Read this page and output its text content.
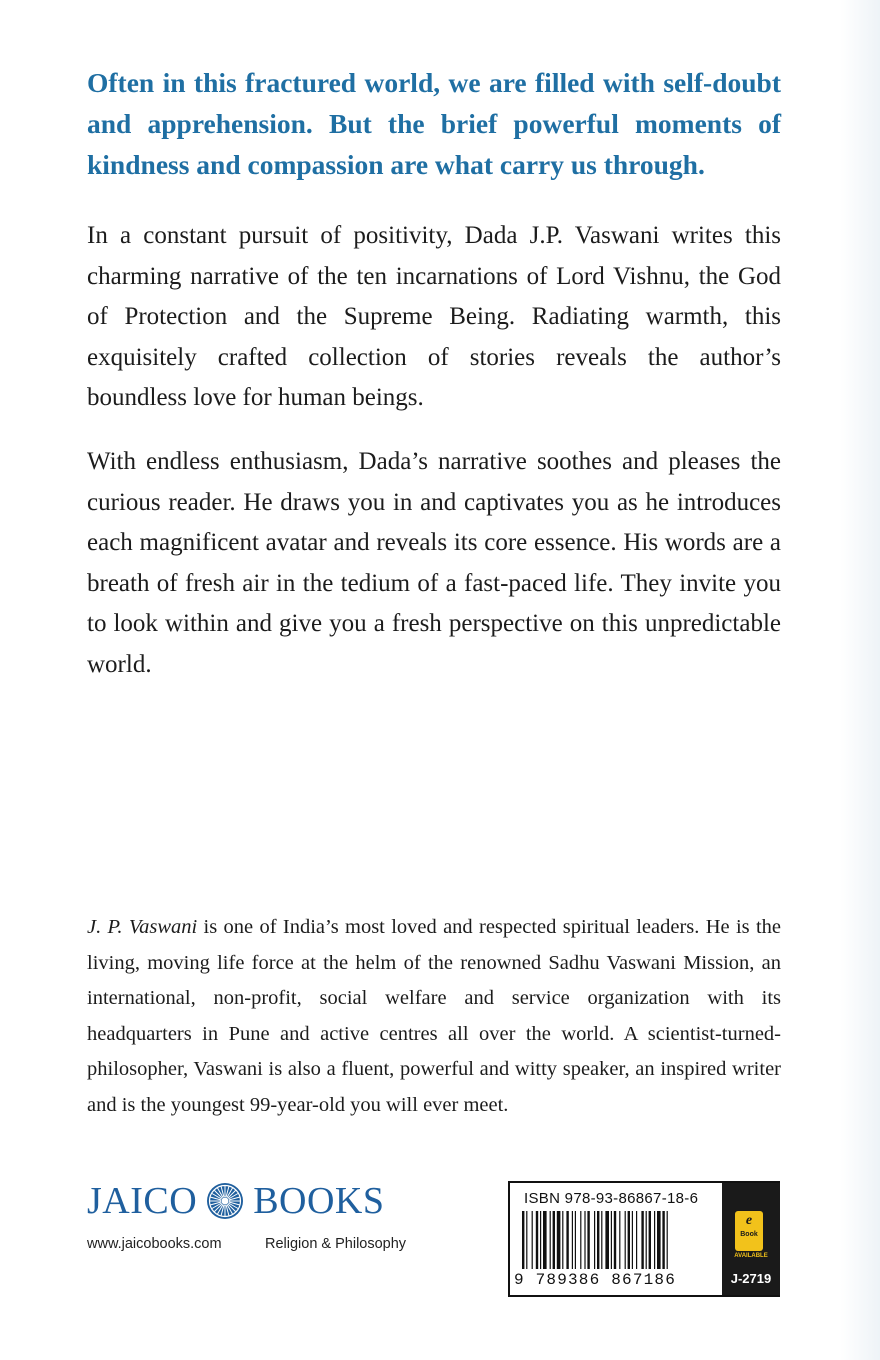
Often in this fractured world, we are filled with self-doubt and apprehension. But the brief powerful moments of kindness and compassion are what carry us through.

In a constant pursuit of positivity, Dada J.P. Vaswani writes this charming narrative of the ten incarnations of Lord Vishnu, the God of Protection and the Supreme Being. Radiating warmth, this exquisitely crafted collection of stories reveals the author’s boundless love for human beings.

With endless enthusiasm, Dada’s narrative soothes and pleases the curious reader. He draws you in and captivates you as he introduces each magnificent avatar and reveals its core essence. His words are a breath of fresh air in the tedium of a fast-paced life. They invite you to look within and give you a fresh perspective on this unpredictable world.

J. P. Vaswani is one of India’s most loved and respected spiritual leaders. He is the living, moving life force at the helm of the renowned Sadhu Vaswani Mission, an international, non-profit, social welfare and service organization with its headquarters in Pune and active centres all over the world. A scientist-turned-philosopher, Vaswani is also a fluent, powerful and witty speaker, an inspired writer and is the youngest 99-year-old you will ever meet.

JAICO BOOKS
www.jaicobooks.com	Religion & Philosophy
ISBN 978-93-86867-18-6
9 789386 867186
e
Book
AVAILABLE
J-2719
